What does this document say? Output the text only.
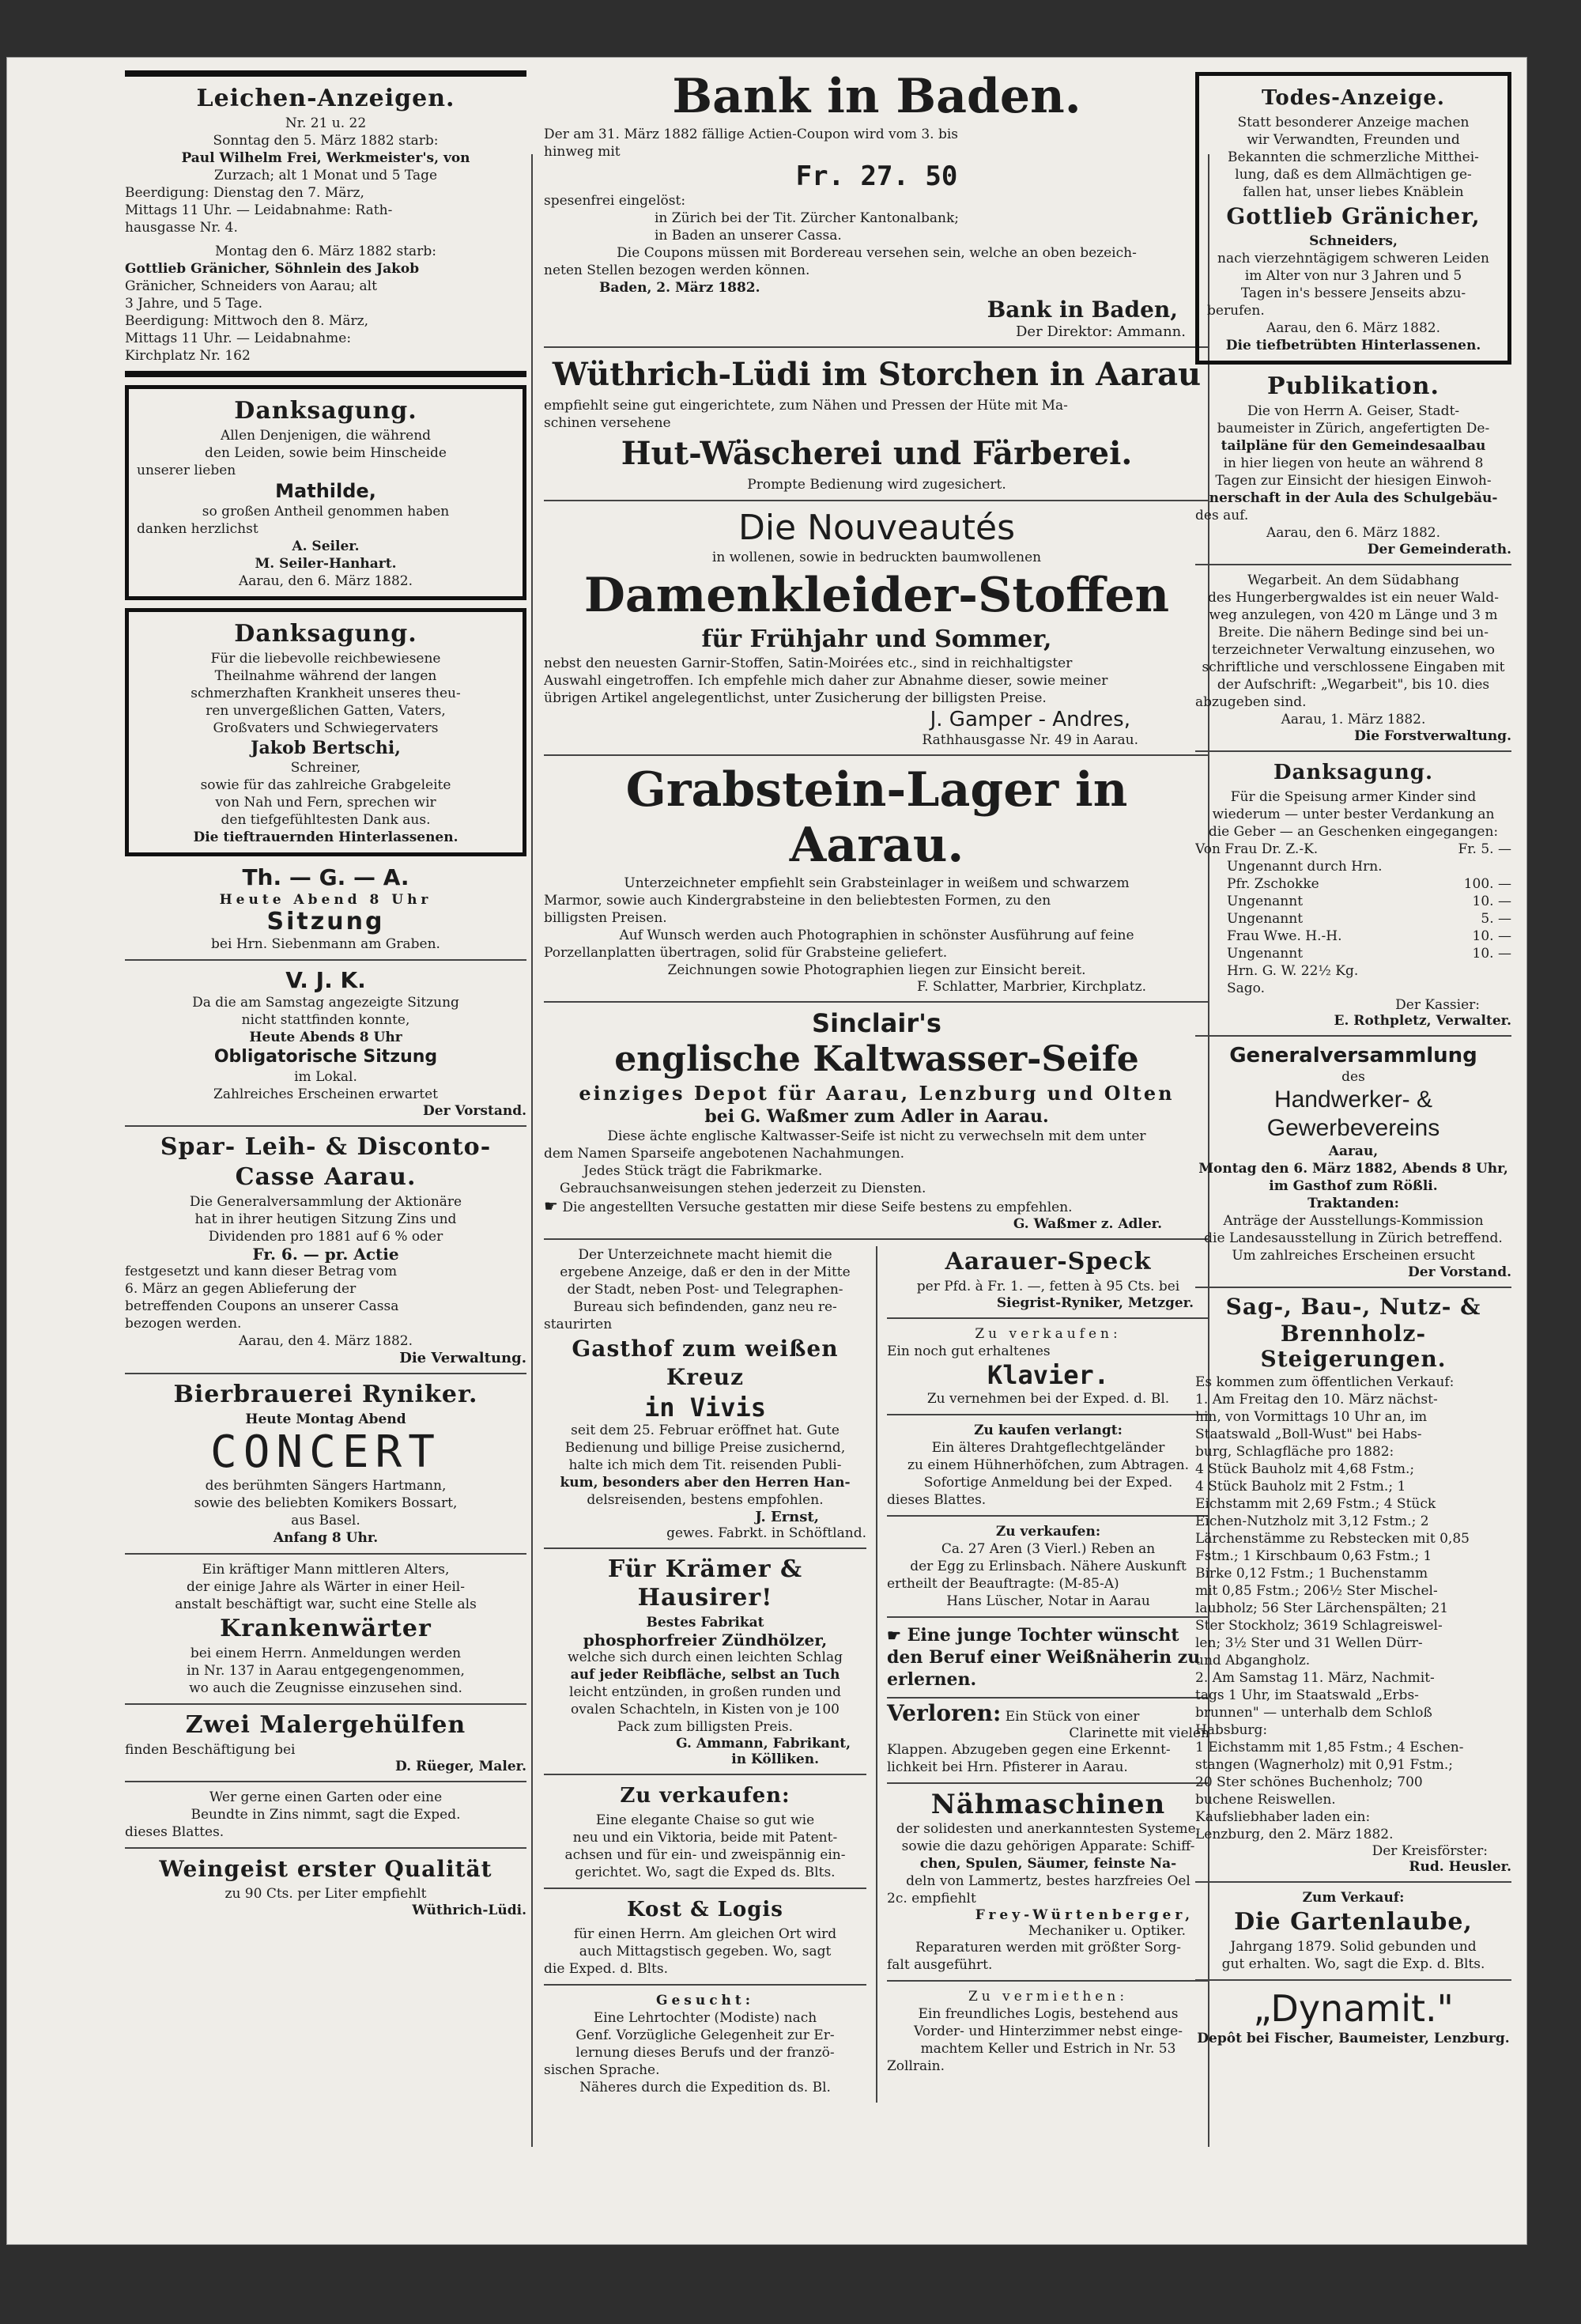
Leichen-Anzeigen.

Nr. 21 u. 22

Sonntag den 5. März 1882 starb:

Paul Wilhelm Frei, Werkmeister's, von

Zurzach; alt 1 Monat und 5 Tage

Beerdigung: Dienstag den 7. März,

Mittags 11 Uhr. — Leidabnahme: Rath-

hausgasse Nr. 4.

Montag den 6. März 1882 starb:

Gottlieb Gränicher, Söhnlein des Jakob

Gränicher, Schneiders von Aarau; alt

3 Jahre, und 5 Tage.

Beerdigung: Mittwoch den 8. März,

Mittags 11 Uhr. — Leidabnahme:

Kirchplatz Nr. 162

Danksagung.

Allen Denjenigen, die während

den Leiden, sowie beim Hinscheide

unserer lieben

Mathilde,

so großen Antheil genommen haben

danken herzlichst

A. Seiler.

M. Seiler-Hanhart.

Aarau, den 6. März 1882.

Danksagung.

Für die liebevolle reichbewiesene

Theilnahme während der langen

schmerzhaften Krankheit unseres theu-

ren unvergeßlichen Gatten, Vaters,

Großvaters und Schwiegervaters

Jakob Bertschi,

Schreiner,

sowie für das zahlreiche Grabgeleite

von Nah und Fern, sprechen wir

den tiefgefühltesten Dank aus.

Die tieftrauernden Hinterlassenen.

Th. — G. — A.

Heute Abend 8 Uhr

Sitzung

bei Hrn. Siebenmann am Graben.

V. J. K.

Da die am Samstag angezeigte Sitzung

nicht stattfinden konnte,

Heute Abends 8 Uhr

Obligatorische Sitzung

im Lokal.

Zahlreiches Erscheinen erwartet

Der Vorstand.

Spar- Leih- & Disconto-

Casse Aarau.

Die Generalversammlung der Aktionäre

hat in ihrer heutigen Sitzung Zins und

Dividenden pro 1881 auf 6 % oder

Fr. 6. — pr. Actie

festgesetzt und kann dieser Betrag vom

6. März an gegen Ablieferung der

betreffenden Coupons an unserer Cassa

bezogen werden.

Aarau, den 4. März 1882.

Die Verwaltung.

Bierbrauerei Ryniker.

Heute Montag Abend

CONCERT

des berühmten Sängers Hartmann,

sowie des beliebten Komikers Bossart,

aus Basel.

Anfang 8 Uhr.

Ein kräftiger Mann mittleren Alters,

der einige Jahre als Wärter in einer Heil-

anstalt beschäftigt war, sucht eine Stelle als

Krankenwärter

bei einem Herrn. Anmeldungen werden

in Nr. 137 in Aarau entgegengenommen,

wo auch die Zeugnisse einzusehen sind.

Zwei Malergehülfen

finden Beschäftigung bei

D. Rüeger, Maler.

Wer gerne einen Garten oder eine

Beundte in Zins nimmt, sagt die Exped.

dieses Blattes.

Weingeist erster Qualität

zu 90 Cts. per Liter empfiehlt

Wüthrich-Lüdi.

Bank in Baden.

Der am 31. März 1882 fällige Actien-Coupon wird vom 3. bis

hinweg mit

Fr. 27. 50

spesenfrei eingelöst:

in Zürich bei der Tit. Zürcher Kantonalbank;

in Baden an unserer Cassa.

Die Coupons müssen mit Bordereau versehen sein, welche an oben bezeich-

neten Stellen bezogen werden können.

Baden, 2. März 1882.

Bank in Baden,

Der Direktor: Ammann.

Wüthrich-Lüdi im Storchen in Aarau

empfiehlt seine gut eingerichtete, zum Nähen und Pressen der Hüte mit Ma-

schinen versehene

Hut-Wäscherei und Färberei.

Prompte Bedienung wird zugesichert.

Die Nouveautés

in wollenen, sowie in bedruckten baumwollenen

Damenkleider-Stoffen

für Frühjahr und Sommer,

nebst den neuesten Garnir-Stoffen, Satin-Moirées etc., sind in reichhaltigster

Auswahl eingetroffen. Ich empfehle mich daher zur Abnahme dieser, sowie meiner

übrigen Artikel angelegentlichst, unter Zusicherung der billigsten Preise.

J. Gamper - Andres,

Rathhausgasse Nr. 49 in Aarau.

Grabstein-Lager in Aarau.

Unterzeichneter empfiehlt sein Grabsteinlager in weißem und schwarzem

Marmor, sowie auch Kindergrabsteine in den beliebtesten Formen, zu den

billigsten Preisen.

Auf Wunsch werden auch Photographien in schönster Ausführung auf feine

Porzellanplatten übertragen, solid für Grabsteine geliefert.

Zeichnungen sowie Photographien liegen zur Einsicht bereit.

F. Schlatter, Marbrier, Kirchplatz.

Sinclair's

englische Kaltwasser-Seife

einziges Depot für Aarau, Lenzburg und Olten

bei G. Waßmer zum Adler in Aarau.

Diese ächte englische Kaltwasser-Seife ist nicht zu verwechseln mit dem unter

dem Namen Sparseife angebotenen Nachahmungen.

Jedes Stück trägt die Fabrikmarke.

Gebrauchsanweisungen stehen jederzeit zu Diensten.

☛ Die angestellten Versuche gestatten mir diese Seife bestens zu empfehlen.

G. Waßmer z. Adler.

Der Unterzeichnete macht hiemit die

ergebene Anzeige, daß er den in der Mitte

der Stadt, neben Post- und Telegraphen-

Bureau sich befindenden, ganz neu re-

staurirten

Gasthof zum weißen Kreuz

in Vivis

seit dem 25. Februar eröffnet hat. Gute

Bedienung und billige Preise zusichernd,

halte ich mich dem Tit. reisenden Publi-

kum, besonders aber den Herren Han-

delsreisenden, bestens empfohlen.

J. Ernst,

gewes. Fabrkt. in Schöftland.

Für Krämer & Hausirer!

Bestes Fabrikat

phosphorfreier Zündhölzer,

welche sich durch einen leichten Schlag

auf jeder Reibfläche, selbst an Tuch

leicht entzünden, in großen runden und

ovalen Schachteln, in Kisten von je 100

Pack zum billigsten Preis.

G. Ammann, Fabrikant,

in Kölliken.

Zu verkaufen:

Eine elegante Chaise so gut wie

neu und ein Viktoria, beide mit Patent-

achsen und für ein- und zweispännig ein-

gerichtet. Wo, sagt die Exped ds. Blts.

Kost & Logis

für einen Herrn. Am gleichen Ort wird

auch Mittagstisch gegeben. Wo, sagt

die Exped. d. Blts.

Gesucht:

Eine Lehrtochter (Modiste) nach

Genf. Vorzügliche Gelegenheit zur Er-

lernung dieses Berufs und der franzö-

sischen Sprache.

Näheres durch die Expedition ds. Bl.

Aarauer-Speck

per Pfd. à Fr. 1. —, fetten à 95 Cts. bei

Siegrist-Ryniker, Metzger.

Zu verkaufen:

Ein noch gut erhaltenes

Klavier.

Zu vernehmen bei der Exped. d. Bl.

Zu kaufen verlangt:

Ein älteres Drahtgeflechtgeländer

zu einem Hühnerhöfchen, zum Abtragen.

Sofortige Anmeldung bei der Exped.

dieses Blattes.

Zu verkaufen:

Ca. 27 Aren (3 Vierl.) Reben an

der Egg zu Erlinsbach. Nähere Auskunft

ertheilt der Beauftragte: (M-85-A)

Hans Lüscher, Notar in Aarau

☛ Eine junge Tochter wünscht

den Beruf einer Weißnäherin zu

erlernen.

Verloren: Ein Stück von einer

Clarinette mit vielen

Klappen. Abzugeben gegen eine Erkennt-

lichkeit bei Hrn. Pfisterer in Aarau.

Nähmaschinen

der solidesten und anerkanntesten Systeme,

sowie die dazu gehörigen Apparate: Schiff-

chen, Spulen, Säumer, feinste Na-

deln von Lammertz, bestes harzfreies Oel

2c. empfiehlt

Frey-Würtenberger,

Mechaniker u. Optiker.

Reparaturen werden mit größter Sorg-

falt ausgeführt.

Zu vermiethen:

Ein freundliches Logis, bestehend aus

Vorder- und Hinterzimmer nebst einge-

machtem Keller und Estrich in Nr. 53

Zollrain.

Todes-Anzeige.

Statt besonderer Anzeige machen

wir Verwandten, Freunden und

Bekannten die schmerzliche Mitthei-

lung, daß es dem Allmächtigen ge-

fallen hat, unser liebes Knäblein

Gottlieb Gränicher,

Schneiders,

nach vierzehntägigem schweren Leiden

im Alter von nur 3 Jahren und 5

Tagen in's bessere Jenseits abzu-

berufen.

Aarau, den 6. März 1882.

Die tiefbetrübten Hinterlassenen.

Publikation.

Die von Herrn A. Geiser, Stadt-

baumeister in Zürich, angefertigten De-

tailpläne für den Gemeindesaalbau

in hier liegen von heute an während 8

Tagen zur Einsicht der hiesigen Einwoh-

nerschaft in der Aula des Schulgebäu-

des auf.

Aarau, den 6. März 1882.

Der Gemeinderath.

Wegarbeit. An dem Südabhang

des Hungerbergwaldes ist ein neuer Wald-

weg anzulegen, von 420 m Länge und 3 m

Breite. Die nähern Bedinge sind bei un-

terzeichneter Verwaltung einzusehen, wo

schriftliche und verschlossene Eingaben mit

der Aufschrift: „Wegarbeit", bis 10. dies

abzugeben sind.

Aarau, 1. März 1882.

Die Forstverwaltung.

Danksagung.

Für die Speisung armer Kinder sind

wiederum — unter bester Verdankung an

die Geber — an Geschenken eingegangen:

Von Frau Dr. Z.-K.	Fr. 5. —
Ungenannt durch Hrn.
Pfr. Zschokke	100. —
Ungenannt	10. —
Ungenannt	5. —
Frau Wwe. H.-H.	10. —
Ungenannt	10. —
Hrn. G. W. 22½ Kg.
Sago.

Der Kassier:

E. Rothpletz, Verwalter.

Generalversammlung

des

Handwerker- & Gewerbevereins

Aarau,

Montag den 6. März 1882, Abends 8 Uhr,

im Gasthof zum Rößli.

Traktanden:

Anträge der Ausstellungs-Kommission

die Landesausstellung in Zürich betreffend.

Um zahlreiches Erscheinen ersucht

Der Vorstand.

Sag-, Bau-, Nutz- &

Brennholz-Steigerungen.

Es kommen zum öffentlichen Verkauf:

1. Am Freitag den 10. März nächst-

hin, von Vormittags 10 Uhr an, im

Staatswald „Boll-Wust" bei Habs-

burg, Schlagfläche pro 1882:

4 Stück Bauholz mit 4,68 Fstm.;

4 Stück Bauholz mit 2 Fstm.; 1

Eichstamm mit 2,69 Fstm.; 4 Stück

Eichen-Nutzholz mit 3,12 Fstm.; 2

Lärchenstämme zu Rebstecken mit 0,85

Fstm.; 1 Kirschbaum 0,63 Fstm.; 1

Birke 0,12 Fstm.; 1 Buchenstamm

mit 0,85 Fstm.; 206½ Ster Mischel-

laubholz; 56 Ster Lärchenspälten; 21

Ster Stockholz; 3619 Schlagreiswel-

len; 3½ Ster und 31 Wellen Dürr-

und Abgangholz.

2. Am Samstag 11. März, Nachmit-

tags 1 Uhr, im Staatswald „Erbs-

brunnen" — unterhalb dem Schloß

Habsburg:

1 Eichstamm mit 1,85 Fstm.; 4 Eschen-

stangen (Wagnerholz) mit 0,91 Fstm.;

20 Ster schönes Buchenholz; 700

buchene Reiswellen.

Kaufsliebhaber laden ein:

Lenzburg, den 2. März 1882.

Der Kreisförster:

Rud. Heusler.

Zum Verkauf:

Die Gartenlaube,

Jahrgang 1879. Solid gebunden und

gut erhalten. Wo, sagt die Exp. d. Blts.

„Dynamit."

Depôt bei Fischer, Baumeister, Lenzburg.
